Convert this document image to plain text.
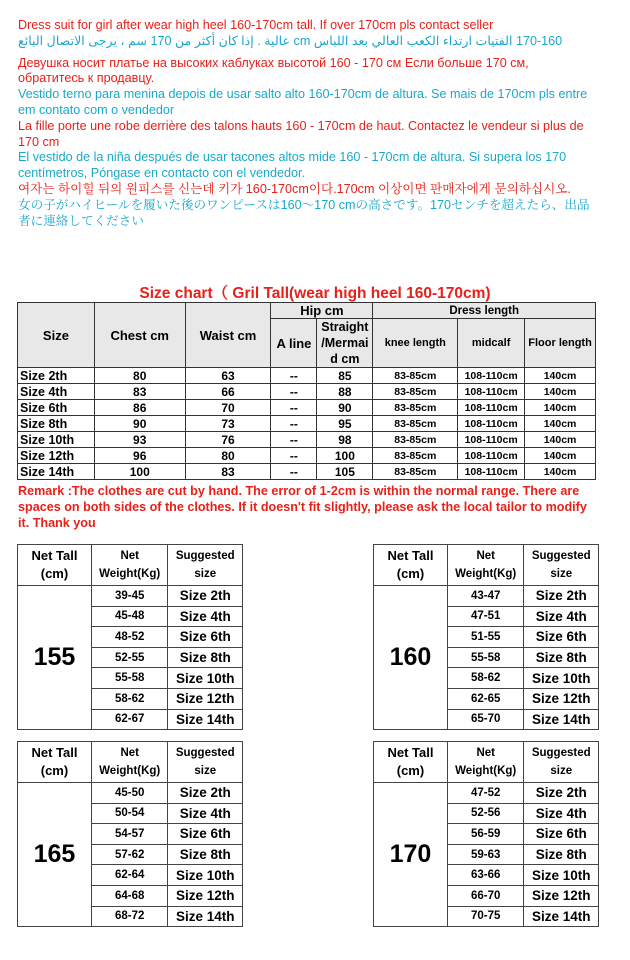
Dress suit for girl after wear high heel 160-170cm tall. If over 170cm pls contact seller
170-160 الفتيات ارتداء الكعب العالي بعد اللباس cm عالية . إذا كان أكثر من 170 سم ، يرجى الاتصال البائع
Девушка носит платье на высоких каблуках высотой 160 - 170 см Если больше 170 см, обратитесь к продавцу.
Vestido terno para menina depois de usar salto alto 160-170cm de altura. Se mais de 170cm pls entre em contato com o vendedor
La fille porte une robe derrière des talons hauts 160 - 170cm de haut. Contactez le vendeur si plus de 170 cm
El vestido de la niña después de usar tacones altos mide 160 - 170cm de altura. Si supera los 170 centímetros, Póngase en contacto con el vendedor.
여자는 하이힐 뒤의 원피스를 신는데 키가 160-170cm이다.170cm 이상이면 판매자에게 문의하십시오.
女の子がハイヒールを履いた後のワンピースは160～170 cmの高さです。170センチを超えたら、出品者に連絡してください
Size chart（ Gril Tall(wear high heel 160-170cm)
Size	Chest cm	Waist cm	Hip cm		Dress length		
			A line	Straight /Mermai d cm	knee length	midcalf	Floor length

Size 2th	80	63	--	85	83-85cm	108-110cm	140cm
Size 4th	83	66	--	88	83-85cm	108-110cm	140cm
Size 6th	86	70	--	90	83-85cm	108-110cm	140cm
Size 8th	90	73	--	95	83-85cm	108-110cm	140cm
Size 10th	93	76	--	98	83-85cm	108-110cm	140cm
Size 12th	96	80	--	100	83-85cm	108-110cm	140cm
Size 14th	100	83	--	105	83-85cm	108-110cm	140cm
Remark :The clothes are cut by hand. The error of 1-2cm is within the normal range. There are spaces on both sides of the clothes. If it doesn't fit slightly, please ask the local tailor to modify it. Thank you
Net Tall (cm)	Net Weight(Kg)	Suggested size
155	39-45	Size 2th
	45-48	Size 4th
	48-52	Size 6th
	52-55	Size 8th
	55-58	Size 10th
	58-62	Size 12th
	62-67	Size 14th
Net Tall (cm)	Net Weight(Kg)	Suggested size
160	43-47	Size 2th
	47-51	Size 4th
	51-55	Size 6th
	55-58	Size 8th
	58-62	Size 10th
	62-65	Size 12th
	65-70	Size 14th
Net Tall (cm)	Net Weight(Kg)	Suggested size
165	45-50	Size 2th
	50-54	Size 4th
	54-57	Size 6th
	57-62	Size 8th
	62-64	Size 10th
	64-68	Size 12th
	68-72	Size 14th
Net Tall (cm)	Net Weight(Kg)	Suggested size
170	47-52	Size 2th
	52-56	Size 4th
	56-59	Size 6th
	59-63	Size 8th
	63-66	Size 10th
	66-70	Size 12th
	70-75	Size 14th
